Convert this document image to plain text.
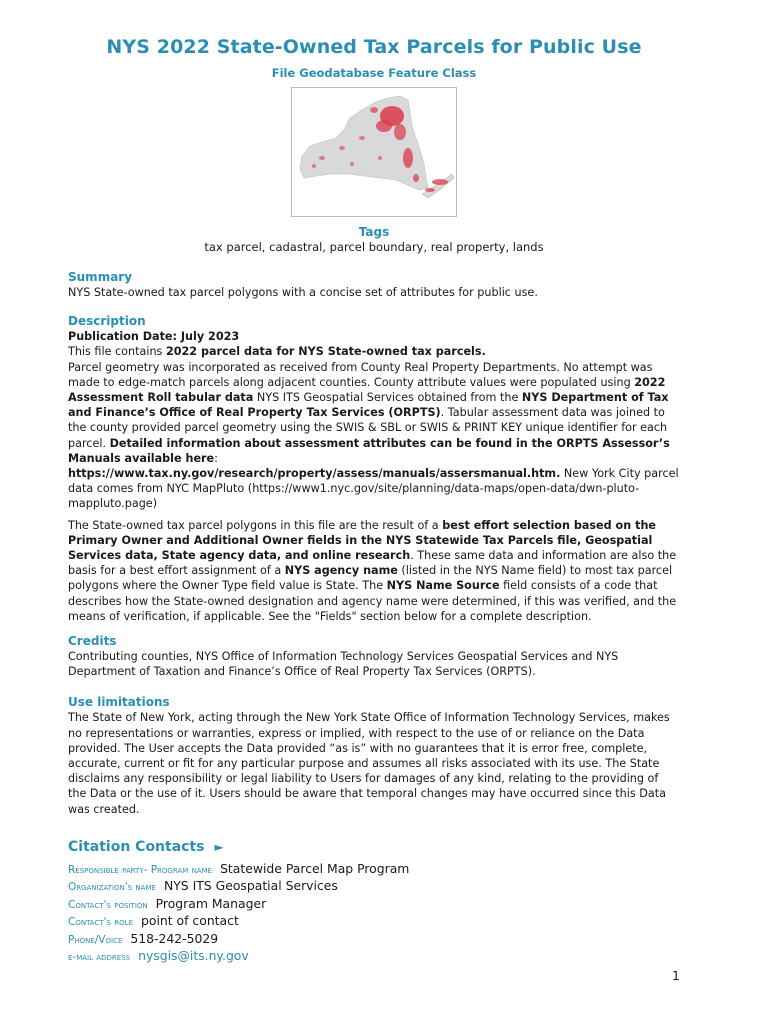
NYS 2022 State-Owned Tax Parcels for Public Use
File Geodatabase Feature Class
Tags
tax parcel, cadastral, parcel boundary, real property, lands
Summary

NYS State-owned tax parcel polygons with a concise set of attributes for public use.

Description

Publication Date: July 2023
This file contains 2022 parcel data for NYS State-owned tax parcels.
Parcel geometry was incorporated as received from County Real Property Departments. No attempt was made to edge-match parcels along adjacent counties. County attribute values were populated using 2022 Assessment Roll tabular data NYS ITS Geospatial Services obtained from the NYS Department of Tax and Finance’s Office of Real Property Tax Services (ORPTS). Tabular assessment data was joined to the county provided parcel geometry using the SWIS & SBL or SWIS & PRINT KEY unique identifier for each parcel. Detailed information about assessment attributes can be found in the ORPTS Assessor’s Manuals available here: https://www.tax.ny.gov/research/property/assess/manuals/assersmanual.htm. New York City parcel data comes from NYC MapPluto (https://www1.nyc.gov/site/planning/data-maps/open-data/dwn-pluto-mappluto.page)

The State-owned tax parcel polygons in this file are the result of a best effort selection based on the Primary Owner and Additional Owner fields in the NYS Statewide Tax Parcels file, Geospatial Services data, State agency data, and online research. These same data and information are also the basis for a best effort assignment of a NYS agency name (listed in the NYS Name field) to most tax parcel polygons where the Owner Type field value is State. The NYS Name Source field consists of a code that describes how the State-owned designation and agency name were determined, if this was verified, and the means of verification, if applicable. See the "Fields" section below for a complete description.

Credits

Contributing counties, NYS Office of Information Technology Services Geospatial Services and NYS Department of Taxation and Finance’s Office of Real Property Tax Services (ORPTS).

Use limitations

The State of New York, acting through the New York State Office of Information Technology Services, makes no representations or warranties, express or implied, with respect to the use of or reliance on the Data provided. The User accepts the Data provided “as is” with no guarantees that it is error free, complete, accurate, current or fit for any particular purpose and assumes all risks associated with its use. The State disclaims any responsibility or legal liability to Users for damages of any kind, relating to the providing of the Data or the use of it. Users should be aware that temporal changes may have occurred since this Data was created.

Citation Contacts ►
Responsible party- Program name Statewide Parcel Map Program
Organization's name NYS ITS Geospatial Services
Contact's position Program Manager
Contact's role point of contact
Phone/Voice 518-242-5029
e-mail address nysgis@its.ny.gov
1
